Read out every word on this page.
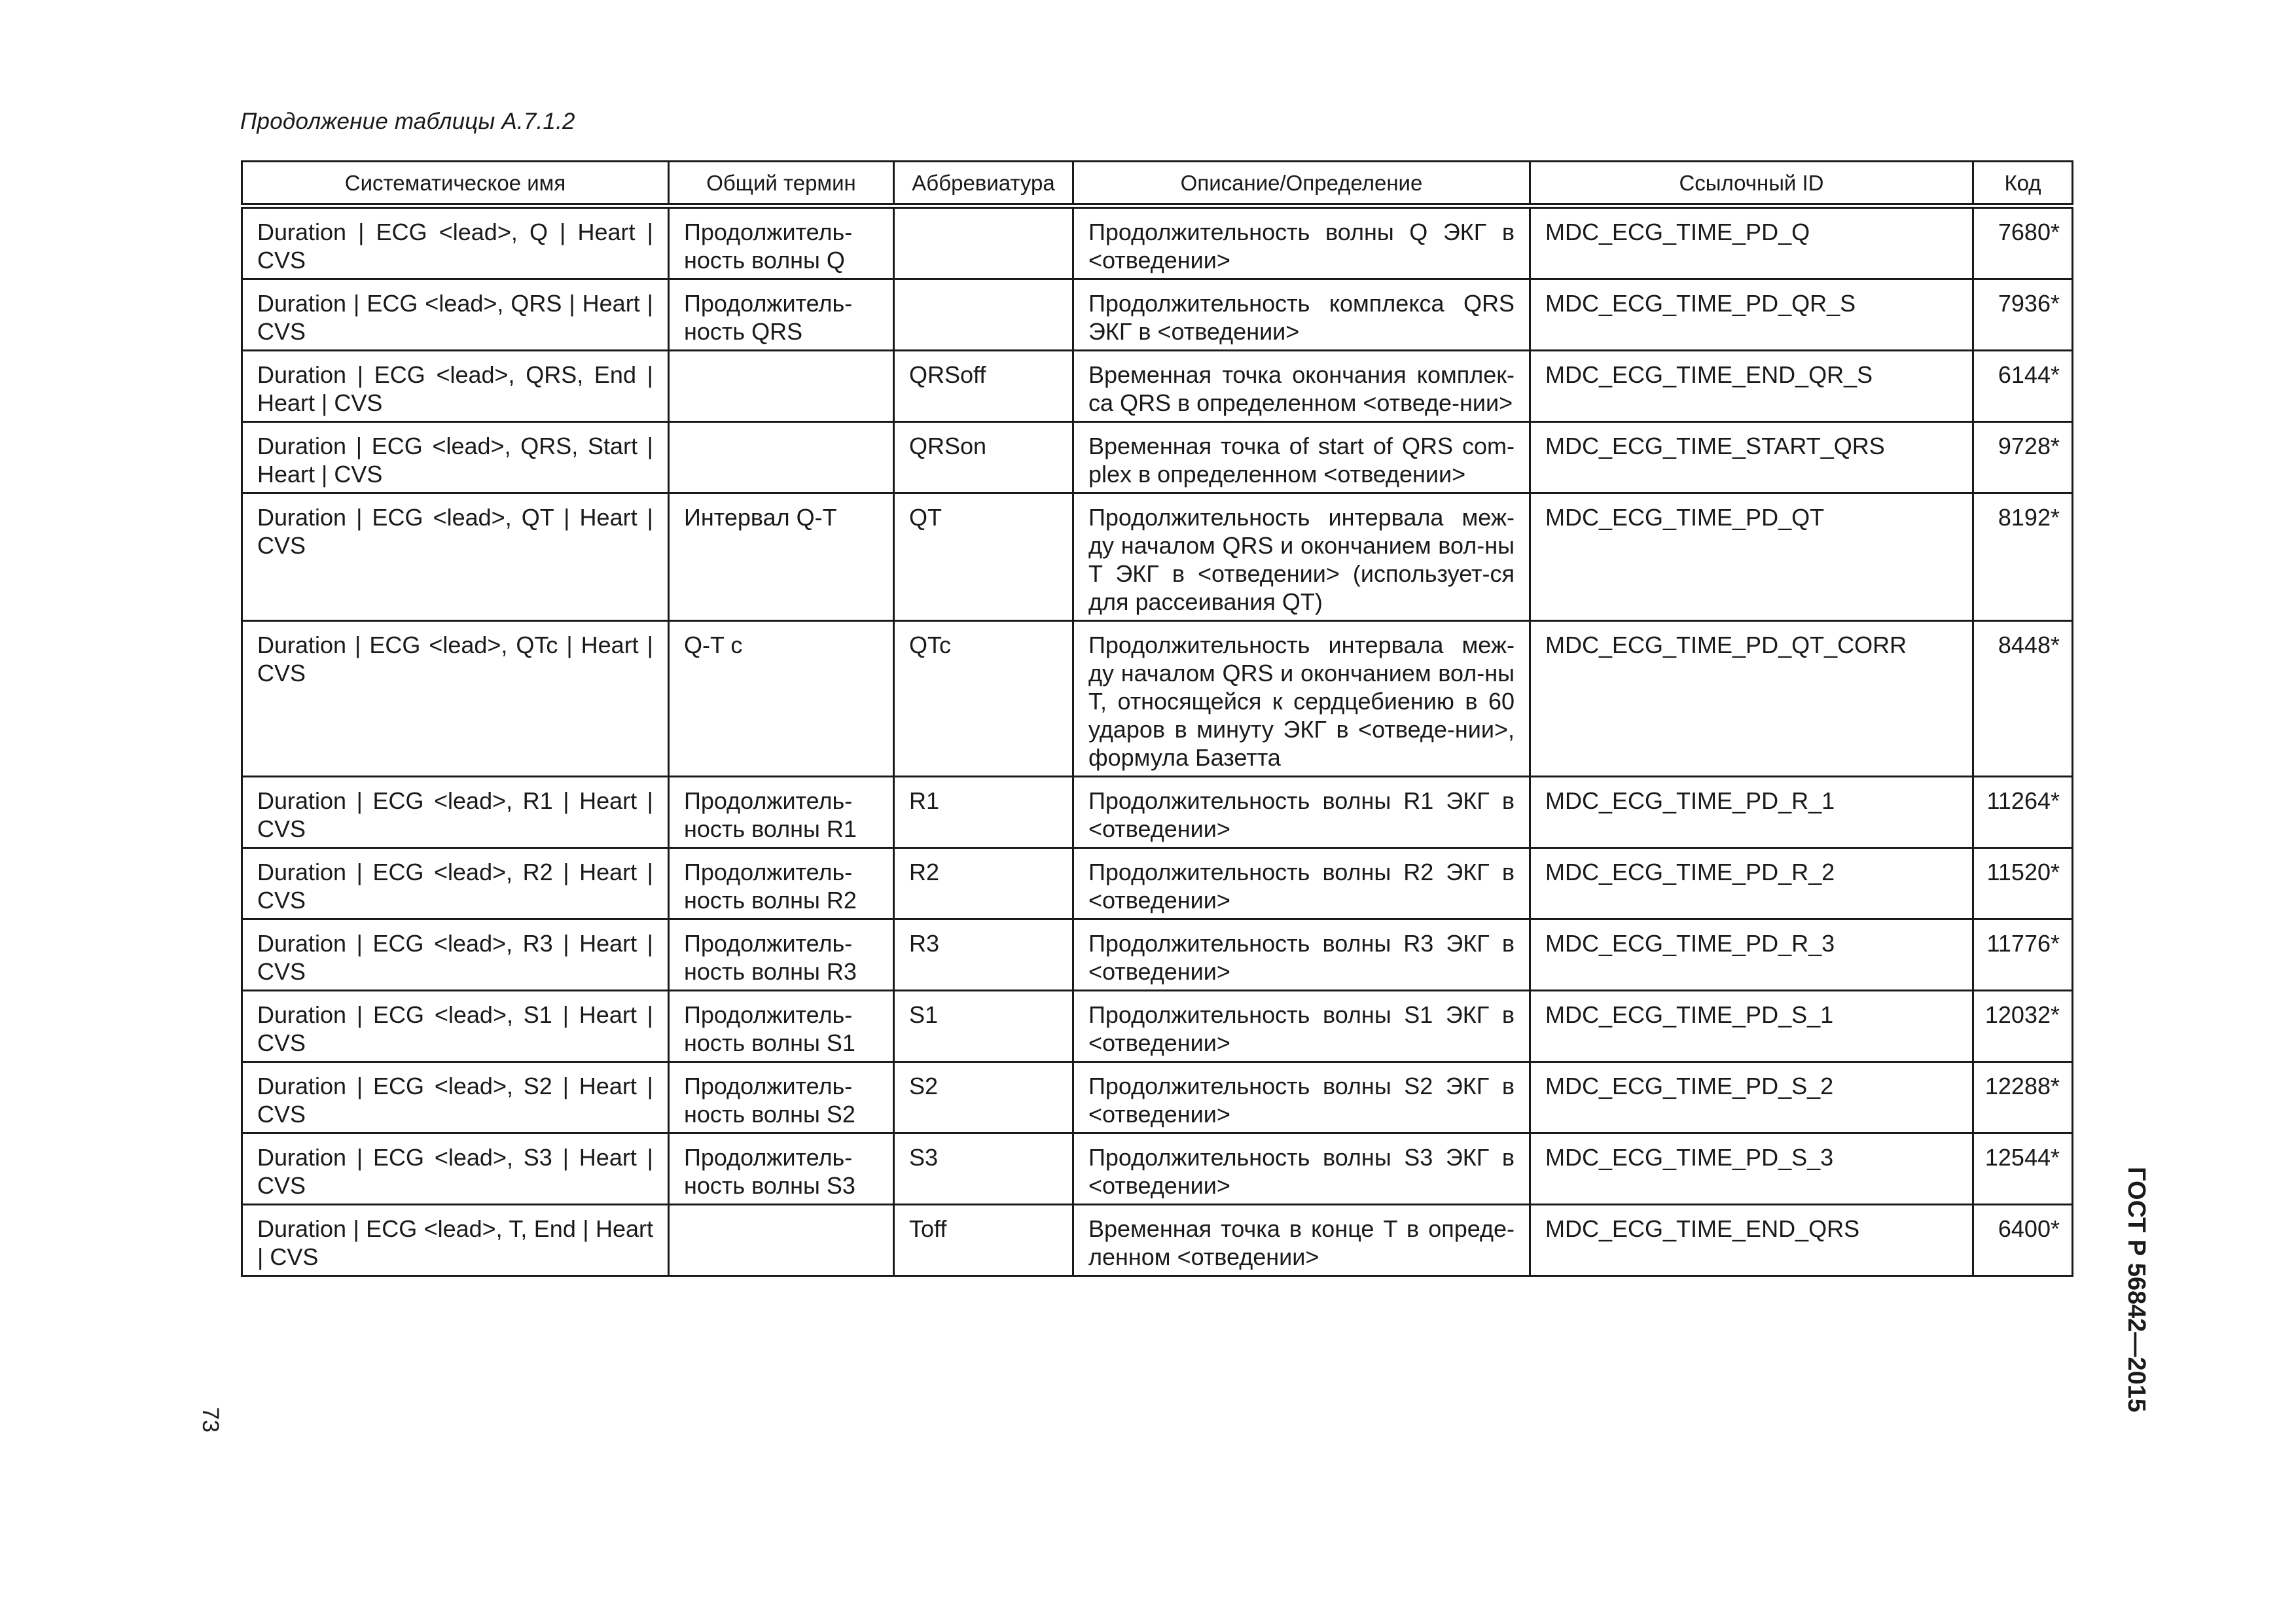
Продолжение таблицы А.7.1.2
Систематическое имя	Общий термин	Аббревиатура	Описание/Определение	Ссылочный ID	Код
Duration | ECG <lead>, Q | Heart | CVS	Продолжитель-ность волны Q		Продолжительность волны Q ЭКГ в <отведении>	MDC_ECG_TIME_PD_Q	7680*
Duration | ECG <lead>, QRS | Heart | CVS	Продолжитель-ность QRS		Продолжительность комплекса QRS ЭКГ в <отведении>	MDC_ECG_TIME_PD_QR_S	7936*
Duration | ECG <lead>, QRS, End | Heart | CVS		QRSoff	Временная точка окончания комплек-са QRS в определенном <отведе-нии>	MDC_ECG_TIME_END_QR_S	6144*
Duration | ECG <lead>, QRS, Start | Heart | CVS		QRSon	Временная точка of start of QRS com-plex в определенном <отведении>	MDC_ECG_TIME_START_QRS	9728*
Duration | ECG <lead>, QT | Heart | CVS	Интервал Q-T	QT	Продолжительность интервала меж-ду началом QRS и окончанием вол-ны T ЭКГ в <отведении> (использует-ся для рассеивания QT)	MDC_ECG_TIME_PD_QT	8192*
Duration | ECG <lead>, QTc | Heart | CVS	Q-T c	QTc	Продолжительность интервала меж-ду началом QRS и окончанием вол-ны T, относящейся к сердцебиению в 60 ударов в минуту ЭКГ в <отведе-нии>, формула Базетта	MDC_ECG_TIME_PD_QT_CORR	8448*
Duration | ECG <lead>, R1 | Heart | CVS	Продолжитель-ность волны R1	R1	Продолжительность волны R1 ЭКГ в <отведении>	MDC_ECG_TIME_PD_R_1	11264*
Duration | ECG <lead>, R2 | Heart | CVS	Продолжитель-ность волны R2	R2	Продолжительность волны R2 ЭКГ в <отведении>	MDC_ECG_TIME_PD_R_2	11520*
Duration | ECG <lead>, R3 | Heart | CVS	Продолжитель-ность волны R3	R3	Продолжительность волны R3 ЭКГ в <отведении>	MDC_ECG_TIME_PD_R_3	11776*
Duration | ECG <lead>, S1 | Heart | CVS	Продолжитель-ность волны S1	S1	Продолжительность волны S1 ЭКГ в <отведении>	MDC_ECG_TIME_PD_S_1	12032*
Duration | ECG <lead>, S2 | Heart | CVS	Продолжитель-ность волны S2	S2	Продолжительность волны S2 ЭКГ в <отведении>	MDC_ECG_TIME_PD_S_2	12288*
Duration | ECG <lead>, S3 | Heart | CVS	Продолжитель-ность волны S3	S3	Продолжительность волны S3 ЭКГ в <отведении>	MDC_ECG_TIME_PD_S_3	12544*
Duration | ECG <lead>, T, End | Heart | CVS		Toff	Временная точка в конце T в опреде-ленном <отведении>	MDC_ECG_TIME_END_QRS	6400*	ГОСТ Р 56842—2015
73
